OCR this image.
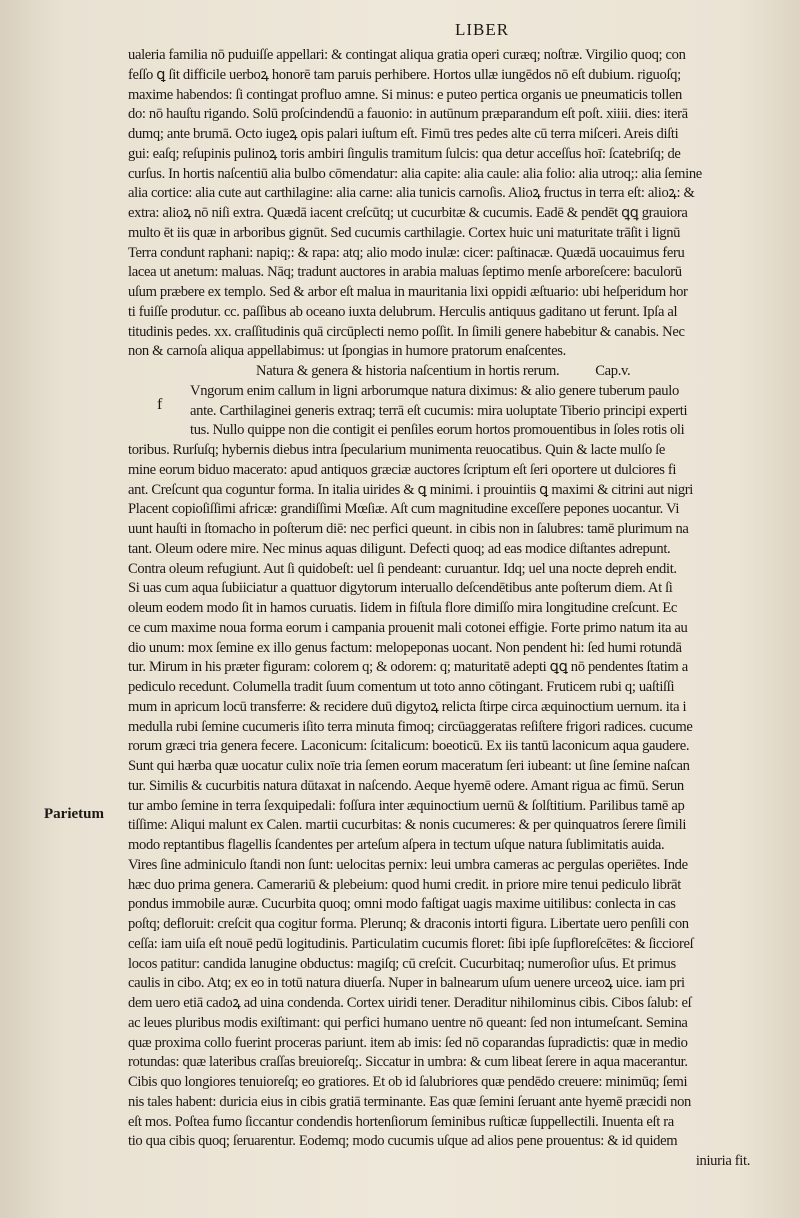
LIBER
f
Parietum
ualeria familia nō puduiſſe appellari: & contingat aliqua gratia operi curæq; noſtræ. Virgilio quoq; con
feſſo ꝗ ſit difficile uerboꝝ honorē tam paruis perhibere. Hortos ullæ iungēdos nō eſt dubium. riguoſq;
maxime habendos: ſi contingat profluo amne. Si minus: e puteo pertica organis ue pneumaticis tollen
do: nō hauſtu rigando. Solū proſcindendū a fauonio: in autūnum præparandum eſt poſt. xiiii. dies: iterā
dumq; ante brumā. Octo iugeꝝ opis palari iuſtum eſt. Fimū tres pedes alte cū terra miſceri. Areis diſti
gui: eaſq; reſupinis pulinoꝝ toris ambiri ſingulis tramitum ſulcis: qua detur acceſſus hoī: ſcatebriſq; de
curſus. In hortis naſcentiū alia bulbo cōmendatur: alia capite: alia caule: alia folio: alia utroq;: alia ſemine
alia cortice: alia cute aut carthilagine: alia carne: alia tunicis carnoſis. Alioꝝ fructus in terra eſt: alioꝝ: &
extra: alioꝝ nō niſi extra. Quædā iacent creſcūtq; ut cucurbitæ & cucumis. Eadē & pendēt ꝗꝗ grauiora
multo ēt iis quæ in arboribus gignūt. Sed cucumis carthilagie. Cortex huic uni maturitate trāſit i lignū
Terra condunt raphani: napiq;: & rapa: atq; alio modo inulæ: cicer: paſtinacæ. Quædā uocauimus feru
lacea ut anetum: maluas. Nāq; tradunt auctores in arabia maluas ſeptimo menſe arboreſcere: baculorū
uſum præbere ex templo. Sed & arbor eſt malua in mauritania lixi oppidi æſtuario: ubi heſperidum hor
ti fuiſſe produtur. cc. paſſibus ab oceano iuxta delubrum. Herculis antiquus gaditano ut ferunt. Ipſa al
titudinis pedes. xx. craſſitudinis quā circūplecti nemo poſſit. In ſimili genere habebitur & canabis. Nec
non & carnoſa aliqua appellabimus: ut ſpongias in humore pratorum enaſcentes.
Natura & genera & historia naſcentium in hortis rerum. Cap.v.
Vngorum enim callum in ligni arborumque natura diximus: & alio genere tuberum paulo
ante. Carthilaginei generis extraq; terrā eſt cucumis: mira uoluptate Tiberio principi experti
tus. Nullo quippe non die contigit ei penſiles eorum hortos promouentibus in ſoles rotis oli
toribus. Rurſuſq; hybernis diebus intra ſpecularium munimenta reuocatibus. Quin & lacte mulſo ſe
mine eorum biduo macerato: apud antiquos græciæ auctores ſcriptum eſt ſeri oportere ut dulciores fi
ant. Creſcunt qua coguntur forma. In italia uirides & ꝗ minimi. i prouintiis ꝗ maximi & citrini aut nigri
Placent copioſiſſimi africæ: grandiſſimi Mœſiæ. Aſt cum magnitudine exceſſere pepones uocantur. Vi
uunt hauſti in ſtomacho in poſterum diē: nec perfici queunt. in cibis non in ſalubres: tamē plurimum na
tant. Oleum odere mire. Nec minus aquas diligunt. Defecti quoq; ad eas modice diſtantes adrepunt.
Contra oleum refugiunt. Aut ſi quidobeſt: uel ſi pendeant: curuantur. Idq; uel una nocte depreh endit.
Si uas cum aqua ſubiiciatur a quattuor digytorum interuallo deſcendētibus ante poſterum diem. At ſi
oleum eodem modo ſit in hamos curuatis. Iidem in fiſtula flore dimiſſo mira longitudine creſcunt. Ec
ce cum maxime noua forma eorum i campania prouenit mali cotonei effigie. Forte primo natum ita au
dio unum: mox ſemine ex illo genus factum: melopeponas uocant. Non pendent hi: ſed humi rotundā
tur. Mirum in his præter figuram: colorem q; & odorem: q; maturitatē adepti ꝗꝗ nō pendentes ſtatim a
pediculo recedunt. Columella tradit ſuum comentum ut toto anno cōtingant. Fruticem rubi q; uaſtiſſi
mum in apricum locū transferre: & recidere duū digytoꝝ relicta ſtirpe circa æquinoctium uernum. ita i
medulla rubi ſemine cucumeris iſito terra minuta fimoq; circūaggeratas reſiſtere frigori radices. cucume
rorum græci tria genera fecere. Laconicum: ſcitalicum: boeoticū. Ex iis tantū laconicum aqua gaudere.
Sunt qui hærba quæ uocatur culix noīe tria ſemen eorum maceratum ſeri iubeant: ut ſine ſemine naſcan
tur. Similis & cucurbitis natura dūtaxat in naſcendo. Aeque hyemē odere. Amant rigua ac fimū. Serun
tur ambo ſemine in terra ſexquipedali: foſſura inter æquinoctium uernū & ſolſtitium. Parilibus tamē ap
tiſſime: Aliqui malunt ex Calen. martii cucurbitas: & nonis cucumeres: & per quinquatros ſerere ſimili
modo reptantibus flagellis ſcandentes per arteſum aſpera in tectum uſque natura ſublimitatis auida.
Vires ſine adminiculo ſtandi non ſunt: uelocitas pernix: leui umbra cameras ac pergulas operiētes. Inde
hæc duo prima genera. Camerariū & plebeium: quod humi credit. in priore mire tenui pediculo librāt
pondus immobile auræ. Cucurbita quoq; omni modo faſtigat uagis maxime uitilibus: conlecta in cas
poſtq; defloruit: creſcit qua cogitur forma. Plerunq; & draconis intorti figura. Libertate uero penſili con
ceſſa: iam uiſa eſt nouē pedū logitudinis. Particulatim cucumis floret: ſibi ipſe ſupfloreſcētes: & ſiccioreſ
locos patitur: candida lanugine obductus: magiſq; cū creſcit. Cucurbitaq; numeroſior uſus. Et primus
caulis in cibo. Atq; ex eo in totū natura diuerſa. Nuper in balnearum uſum uenere urceoꝝ uice. iam pri
dem uero etiā cadoꝝ ad uina condenda. Cortex uiridi tener. Deraditur nihilominus cibis. Cibos ſalub: eſ
ac leues pluribus modis exiſtimant: qui perfici humano uentre nō queant: ſed non intumeſcant. Semina
quæ proxima collo fuerint proceras pariunt. item ab imis: ſed nō coparandas ſupradictis: quæ in medio
rotundas: quæ lateribus craſſas breuioreſq;. Siccatur in umbra: & cum libeat ſerere in aqua macerantur.
Cibis quo longiores tenuioreſq; eo gratiores. Et ob id ſalubriores quæ pendēdo creuere: minimūq; ſemi
nis tales habent: duricia eius in cibis gratiā terminante. Eas quæ ſemini ſeruant ante hyemē præcidi non
eſt mos. Poſtea fumo ſiccantur condendis hortenſiorum ſeminibus ruſticæ ſuppellectili. Inuenta eſt ra
tio qua cibis quoq; ſeruarentur. Eodemq; modo cucumis uſque ad alios pene prouentus: & id quidem
iniuria fit.
